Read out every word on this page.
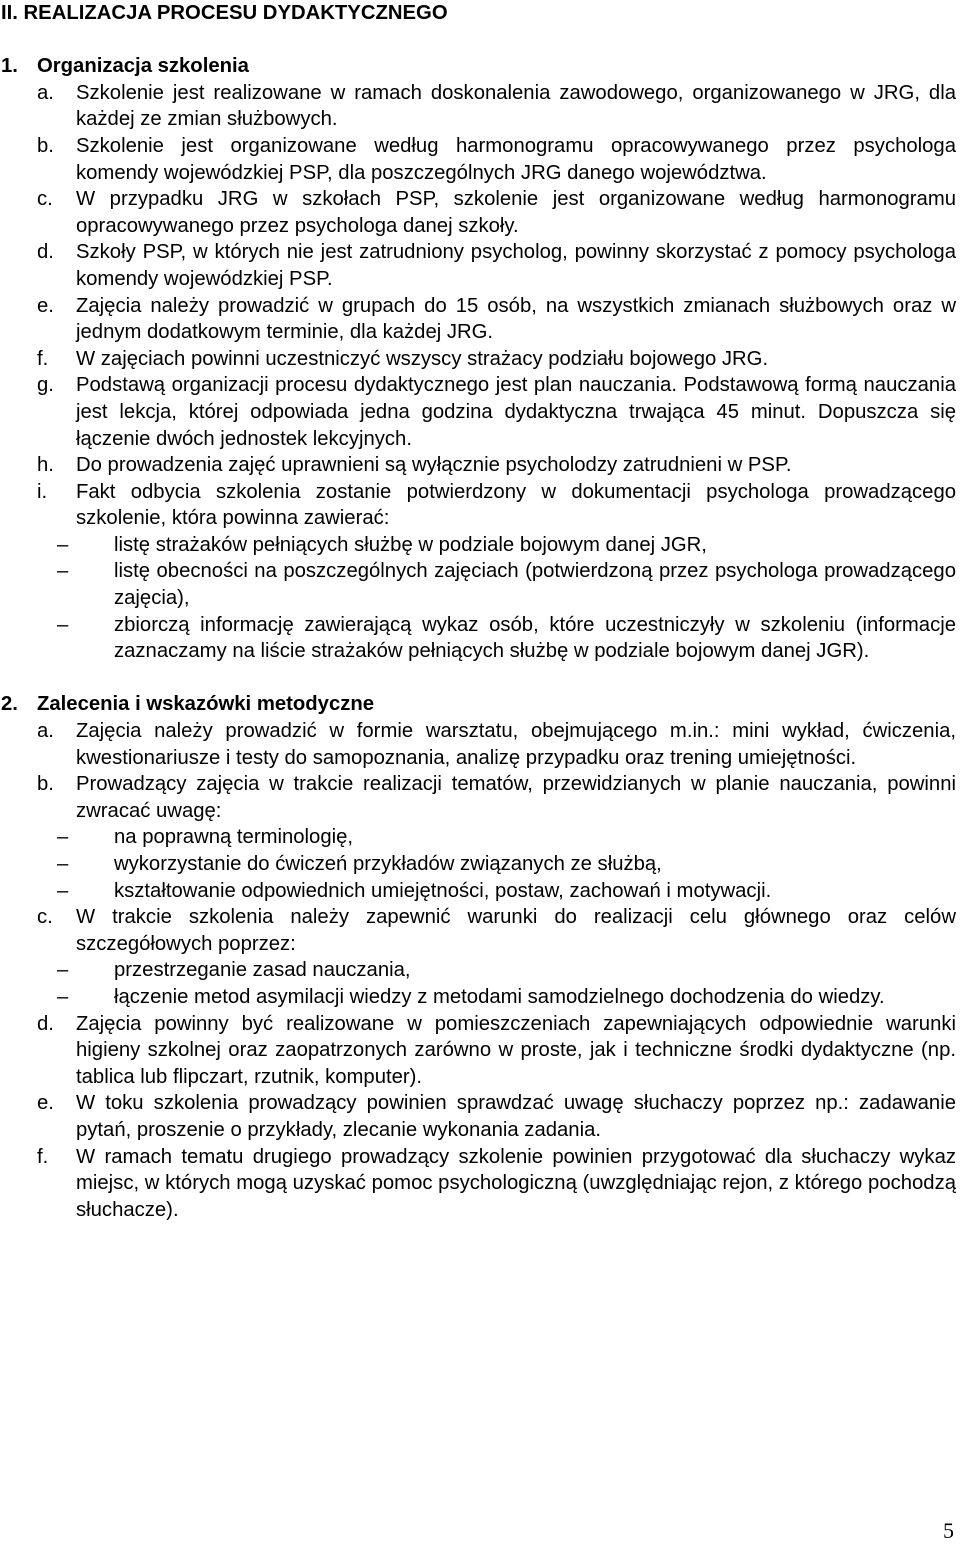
II. REALIZACJA PROCESU DYDAKTYCZNEGO
1. Organizacja szkolenia
a. Szkolenie jest realizowane w ramach doskonalenia zawodowego, organizowanego w JRG, dla każdej ze zmian służbowych.
b. Szkolenie jest organizowane według harmonogramu opracowywanego przez psychologa komendy wojewódzkiej PSP, dla poszczególnych JRG danego województwa.
c. W przypadku JRG w szkołach PSP, szkolenie jest organizowane według harmonogramu opracowywanego przez psychologa danej szkoły.
d. Szkoły PSP, w których nie jest zatrudniony psycholog, powinny skorzystać z pomocy psychologa komendy wojewódzkiej PSP.
e. Zajęcia należy prowadzić w grupach do 15 osób, na wszystkich zmianach służbowych oraz w jednym dodatkowym terminie, dla każdej JRG.
f. W zajęciach powinni uczestniczyć wszyscy strażacy podziału bojowego JRG.
g. Podstawą organizacji procesu dydaktycznego jest plan nauczania. Podstawową formą nauczania jest lekcja, której odpowiada jedna godzina dydaktyczna trwająca 45 minut. Dopuszcza się łączenie dwóch jednostek lekcyjnych.
h. Do prowadzenia zajęć uprawnieni są wyłącznie psycholodzy zatrudnieni w PSP.
i. Fakt odbycia szkolenia zostanie potwierdzony w dokumentacji psychologa prowadzącego szkolenie, która powinna zawierać:
–	listę strażaków pełniących służbę w podziale bojowym danej JGR,
–	listę obecności na poszczególnych zajęciach (potwierdzoną przez psychologa prowadzącego zajęcia),
–	zbiorczą informację zawierającą wykaz osób, które uczestniczyły w szkoleniu (informacje zaznaczamy na liście strażaków pełniących służbę w podziale bojowym danej JGR).
2. Zalecenia i wskazówki metodyczne
a. Zajęcia należy prowadzić w formie warsztatu, obejmującego m.in.: mini wykład, ćwiczenia, kwestionariusze i testy do samopoznania, analizę przypadku oraz trening umiejętności.
b. Prowadzący zajęcia w trakcie realizacji tematów, przewidzianych w planie nauczania, powinni zwracać uwagę:
–	na poprawną terminologię,
–	wykorzystanie do ćwiczeń przykładów związanych ze służbą,
–	kształtowanie odpowiednich umiejętności, postaw, zachowań i motywacji.
c. W trakcie szkolenia należy zapewnić warunki do realizacji celu głównego oraz celów szczegółowych poprzez:
–	przestrzeganie zasad nauczania,
–	łączenie metod asymilacji wiedzy z metodami samodzielnego dochodzenia do wiedzy.
d. Zajęcia powinny być realizowane w pomieszczeniach zapewniających odpowiednie warunki higieny szkolnej oraz zaopatrzonych zarówno w proste, jak i techniczne środki dydaktyczne (np. tablica lub flipczart, rzutnik, komputer).
e. W toku szkolenia prowadzący powinien sprawdzać uwagę słuchaczy poprzez np.: zadawanie pytań, proszenie o przykłady, zlecanie wykonania zadania.
f. W ramach tematu drugiego prowadzący szkolenie powinien przygotować dla słuchaczy wykaz miejsc, w których mogą uzyskać pomoc psychologiczną (uwzględniając rejon, z którego pochodzą słuchacze).
5
